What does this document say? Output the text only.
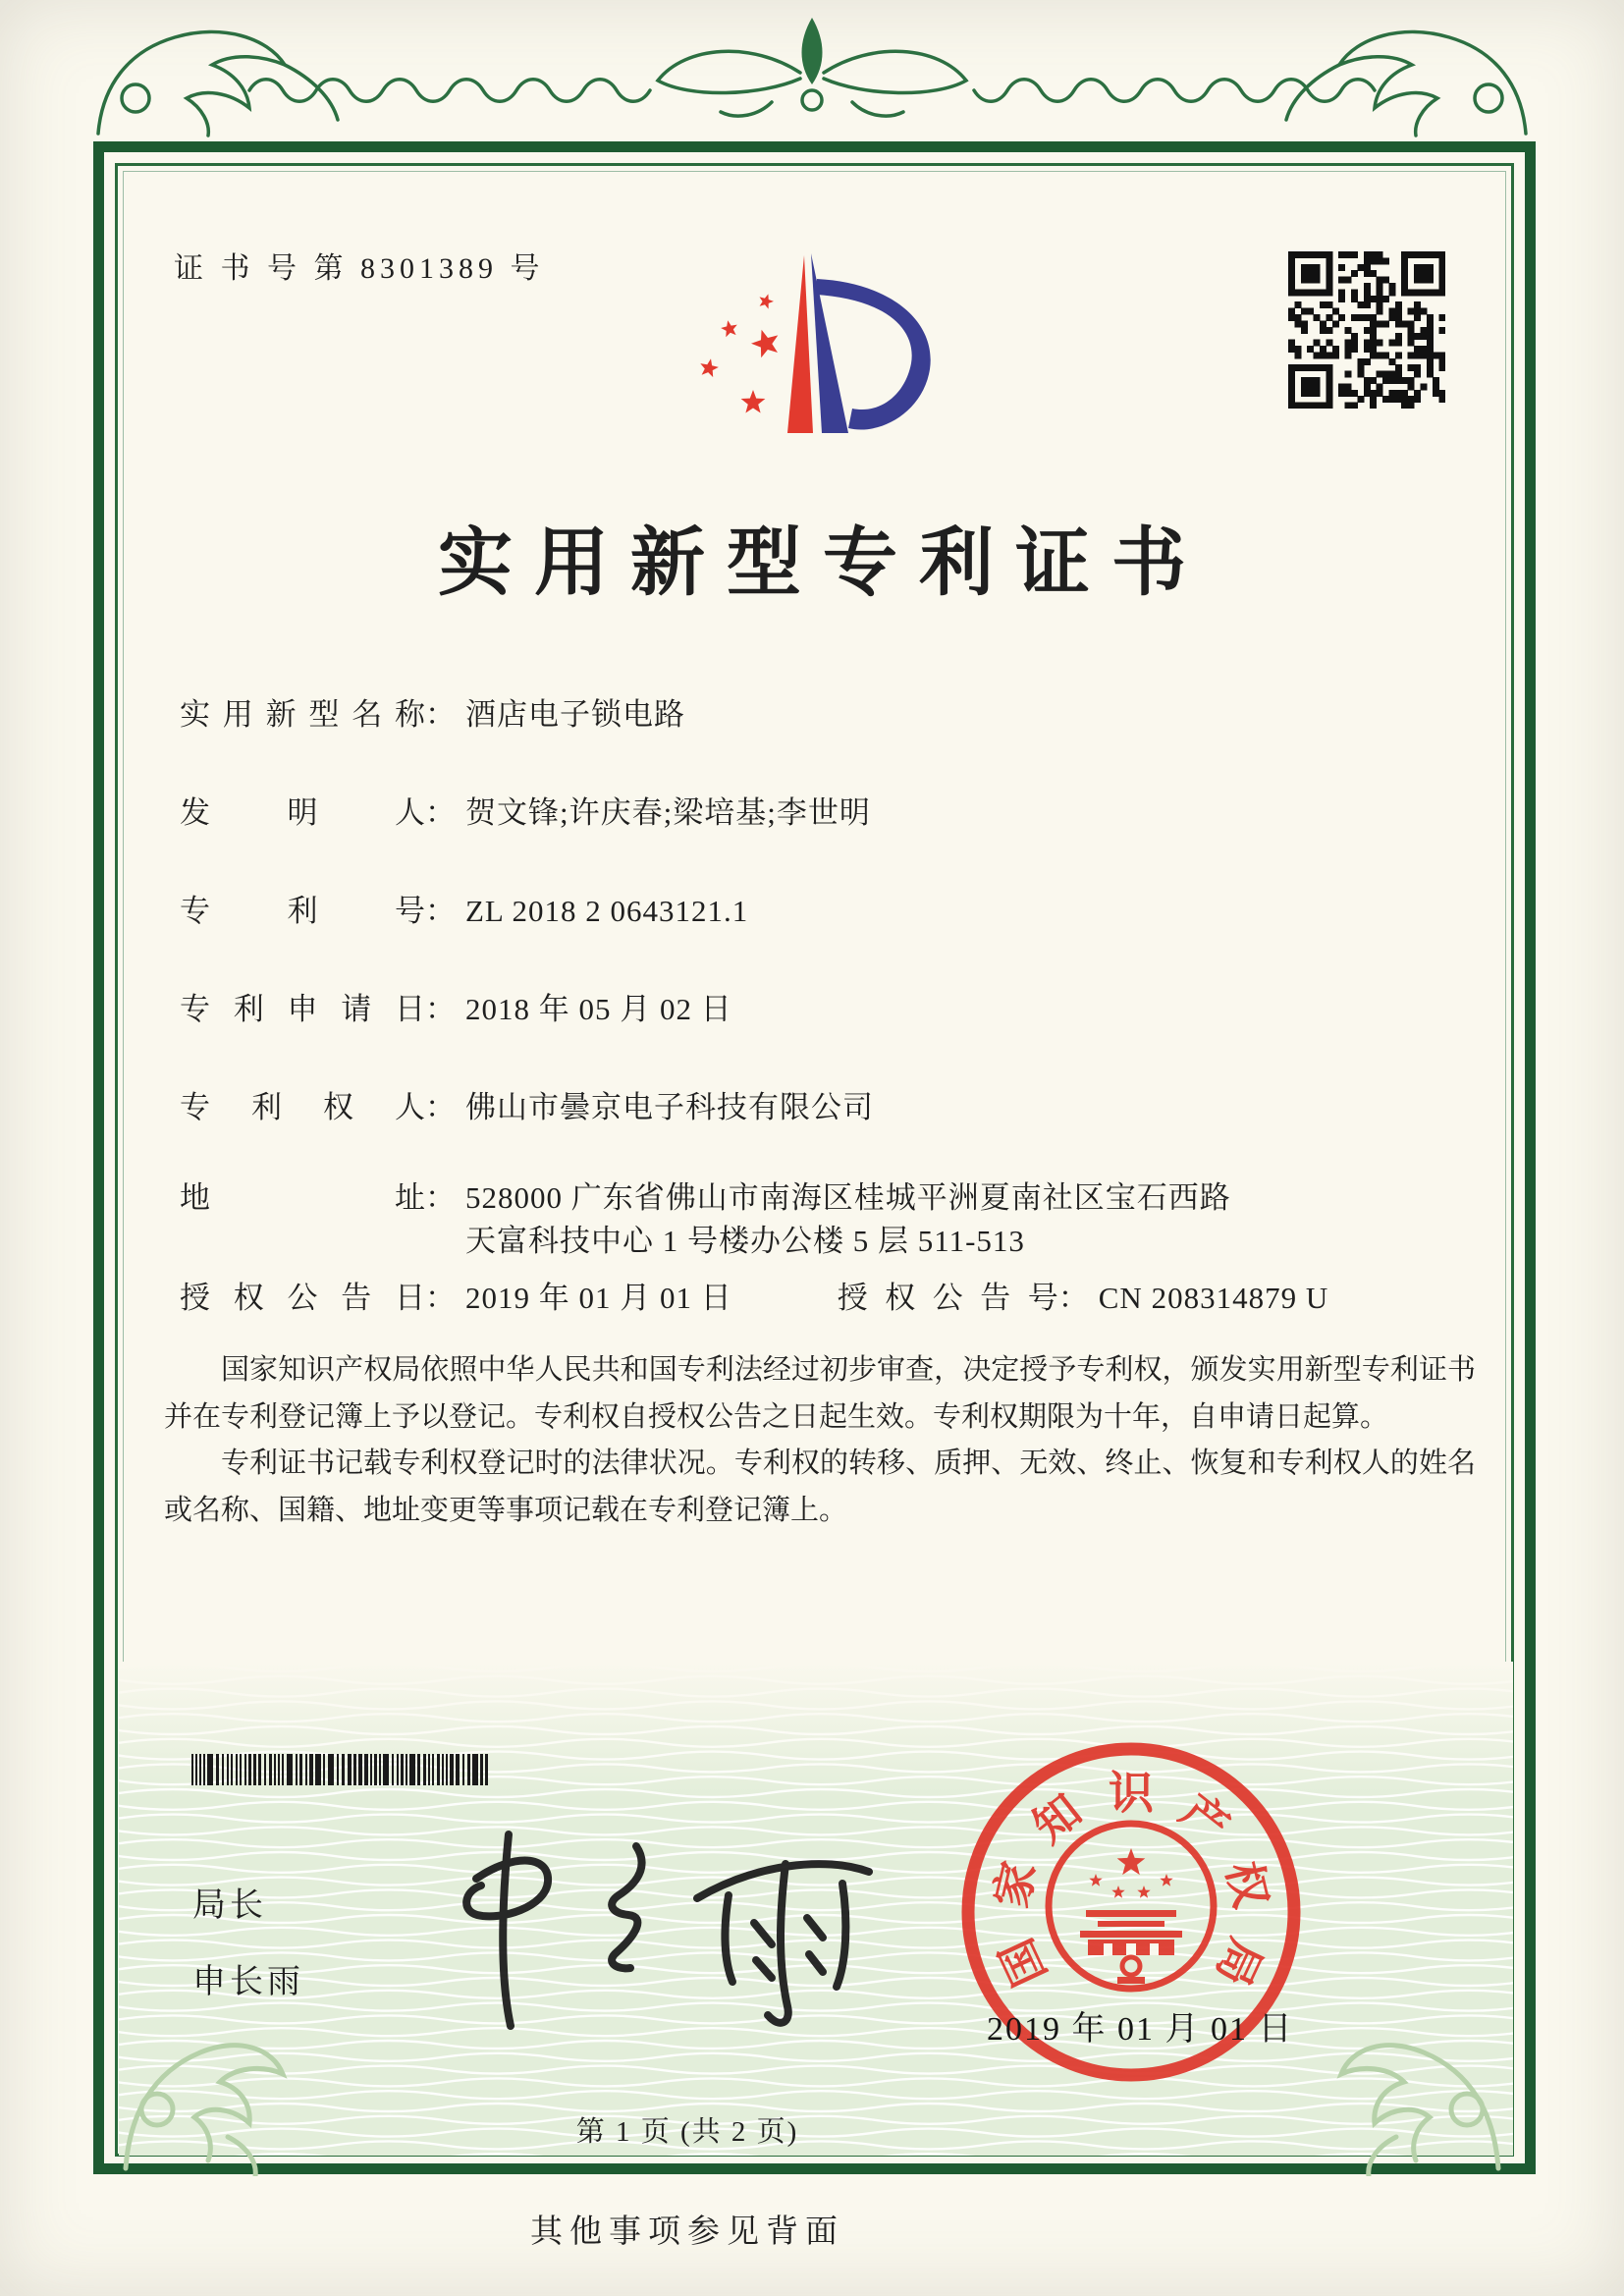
证 书 号 第 8301389 号
实用新型专利证书
实用新型名称： 酒店电子锁电路
发明人： 贺文锋;许庆春;梁培基;李世明
专利号： ZL 2018 2 0643121.1
专利申请日： 2018 年 05 月 02 日
专利权人： 佛山市曇京电子科技有限公司
地址： 528000 广东省佛山市南海区桂城平洲夏南社区宝石西路
天富科技中心 1 号楼办公楼 5 层 511-513
授权公告日： 2019 年 01 月 01 日	授权公告号： CN 208314879 U

国家知识产权局依照中华人民共和国专利法经过初步审查，决定授予专利权，颁发实用新型专利证书并在专利登记簿上予以登记。专利权自授权公告之日起生效。专利权期限为十年，自申请日起算。

专利证书记载专利权登记时的法律状况。专利权的转移、质押、无效、终止、恢复和专利权人的姓名或名称、国籍、地址变更等事项记载在专利登记簿上。

局长
申长雨	国
家
知 识 产
权
局
2019 年 01 月 01 日
第 1 页 (共 2 页)
其他事项参见背面
